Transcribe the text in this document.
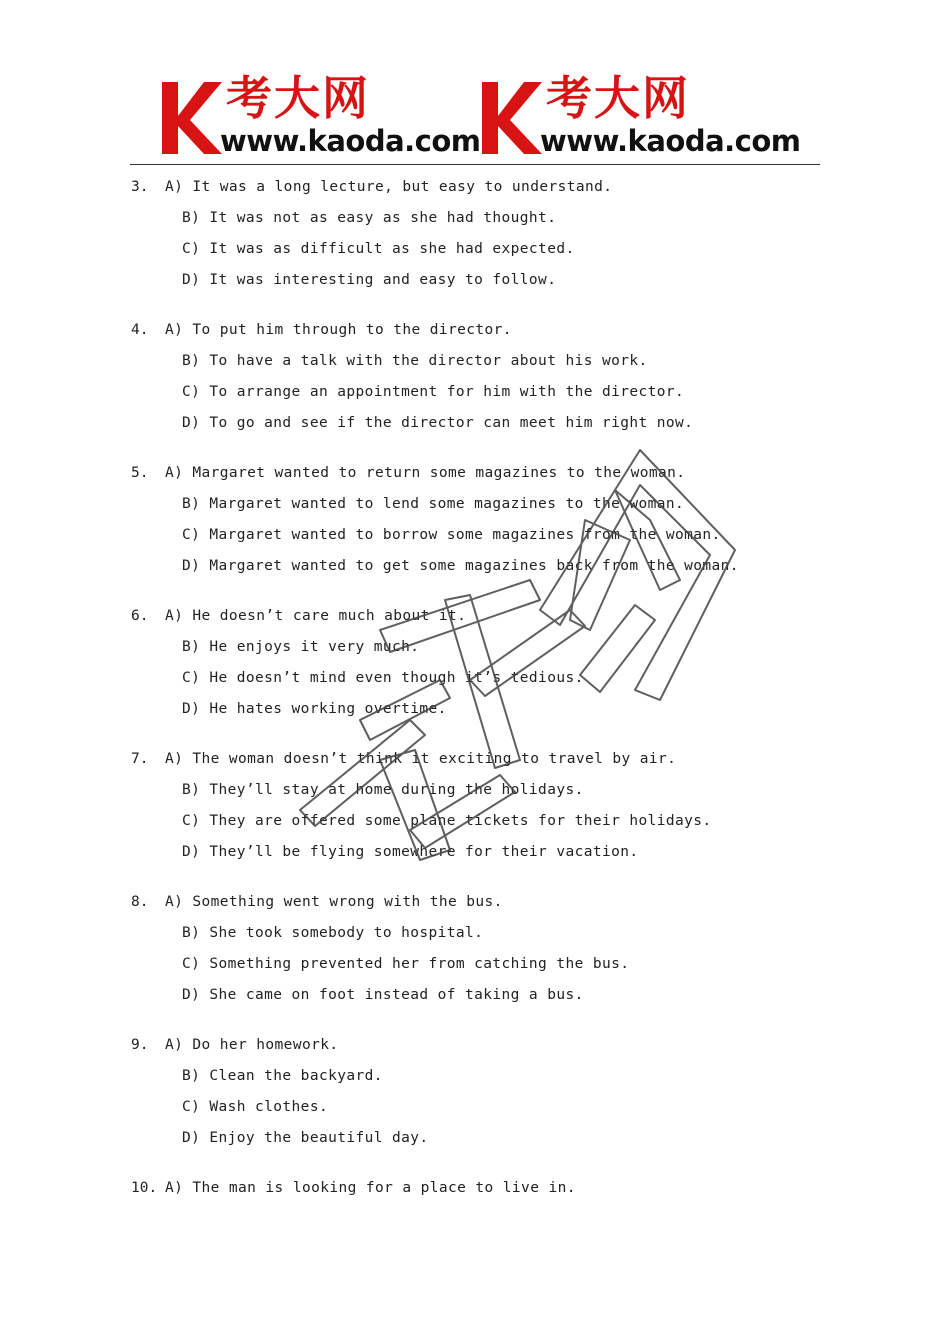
考大网
www.kaoda.com
考大网
www.kaoda.com
3. A) It was a long lecture, but easy to understand.
B) It was not as easy as she had thought.
C) It was as difficult as she had expected.
D) It was interesting and easy to follow.
4. A) To put him through to the director.
B) To have a talk with the director about his work.
C) To arrange an appointment for him with the director.
D) To go and see if the director can meet him right now.
5. A) Margaret wanted to return some magazines to the woman.
B) Margaret wanted to lend some magazines to the woman.
C) Margaret wanted to borrow some magazines from the woman.
D) Margaret wanted to get some magazines back from the woman.
6. A) He doesn’t care much about it.
B) He enjoys it very much.
C) He doesn’t mind even though it’s tedious.
D) He hates working overtime.
7. A) The woman doesn’t think it exciting to travel by air.
B) They’ll stay at home during the holidays.
C) They are offered some plane tickets for their holidays.
D) They’ll be flying somewhere for their vacation.
8. A) Something went wrong with the bus.
B) She took somebody to hospital.
C) Something prevented her from catching the bus.
D) She came on foot instead of taking a bus.
9. A) Do her homework.
B) Clean the backyard.
C) Wash clothes.
D) Enjoy the beautiful day.
10. A) The man is looking for a place to live in.
